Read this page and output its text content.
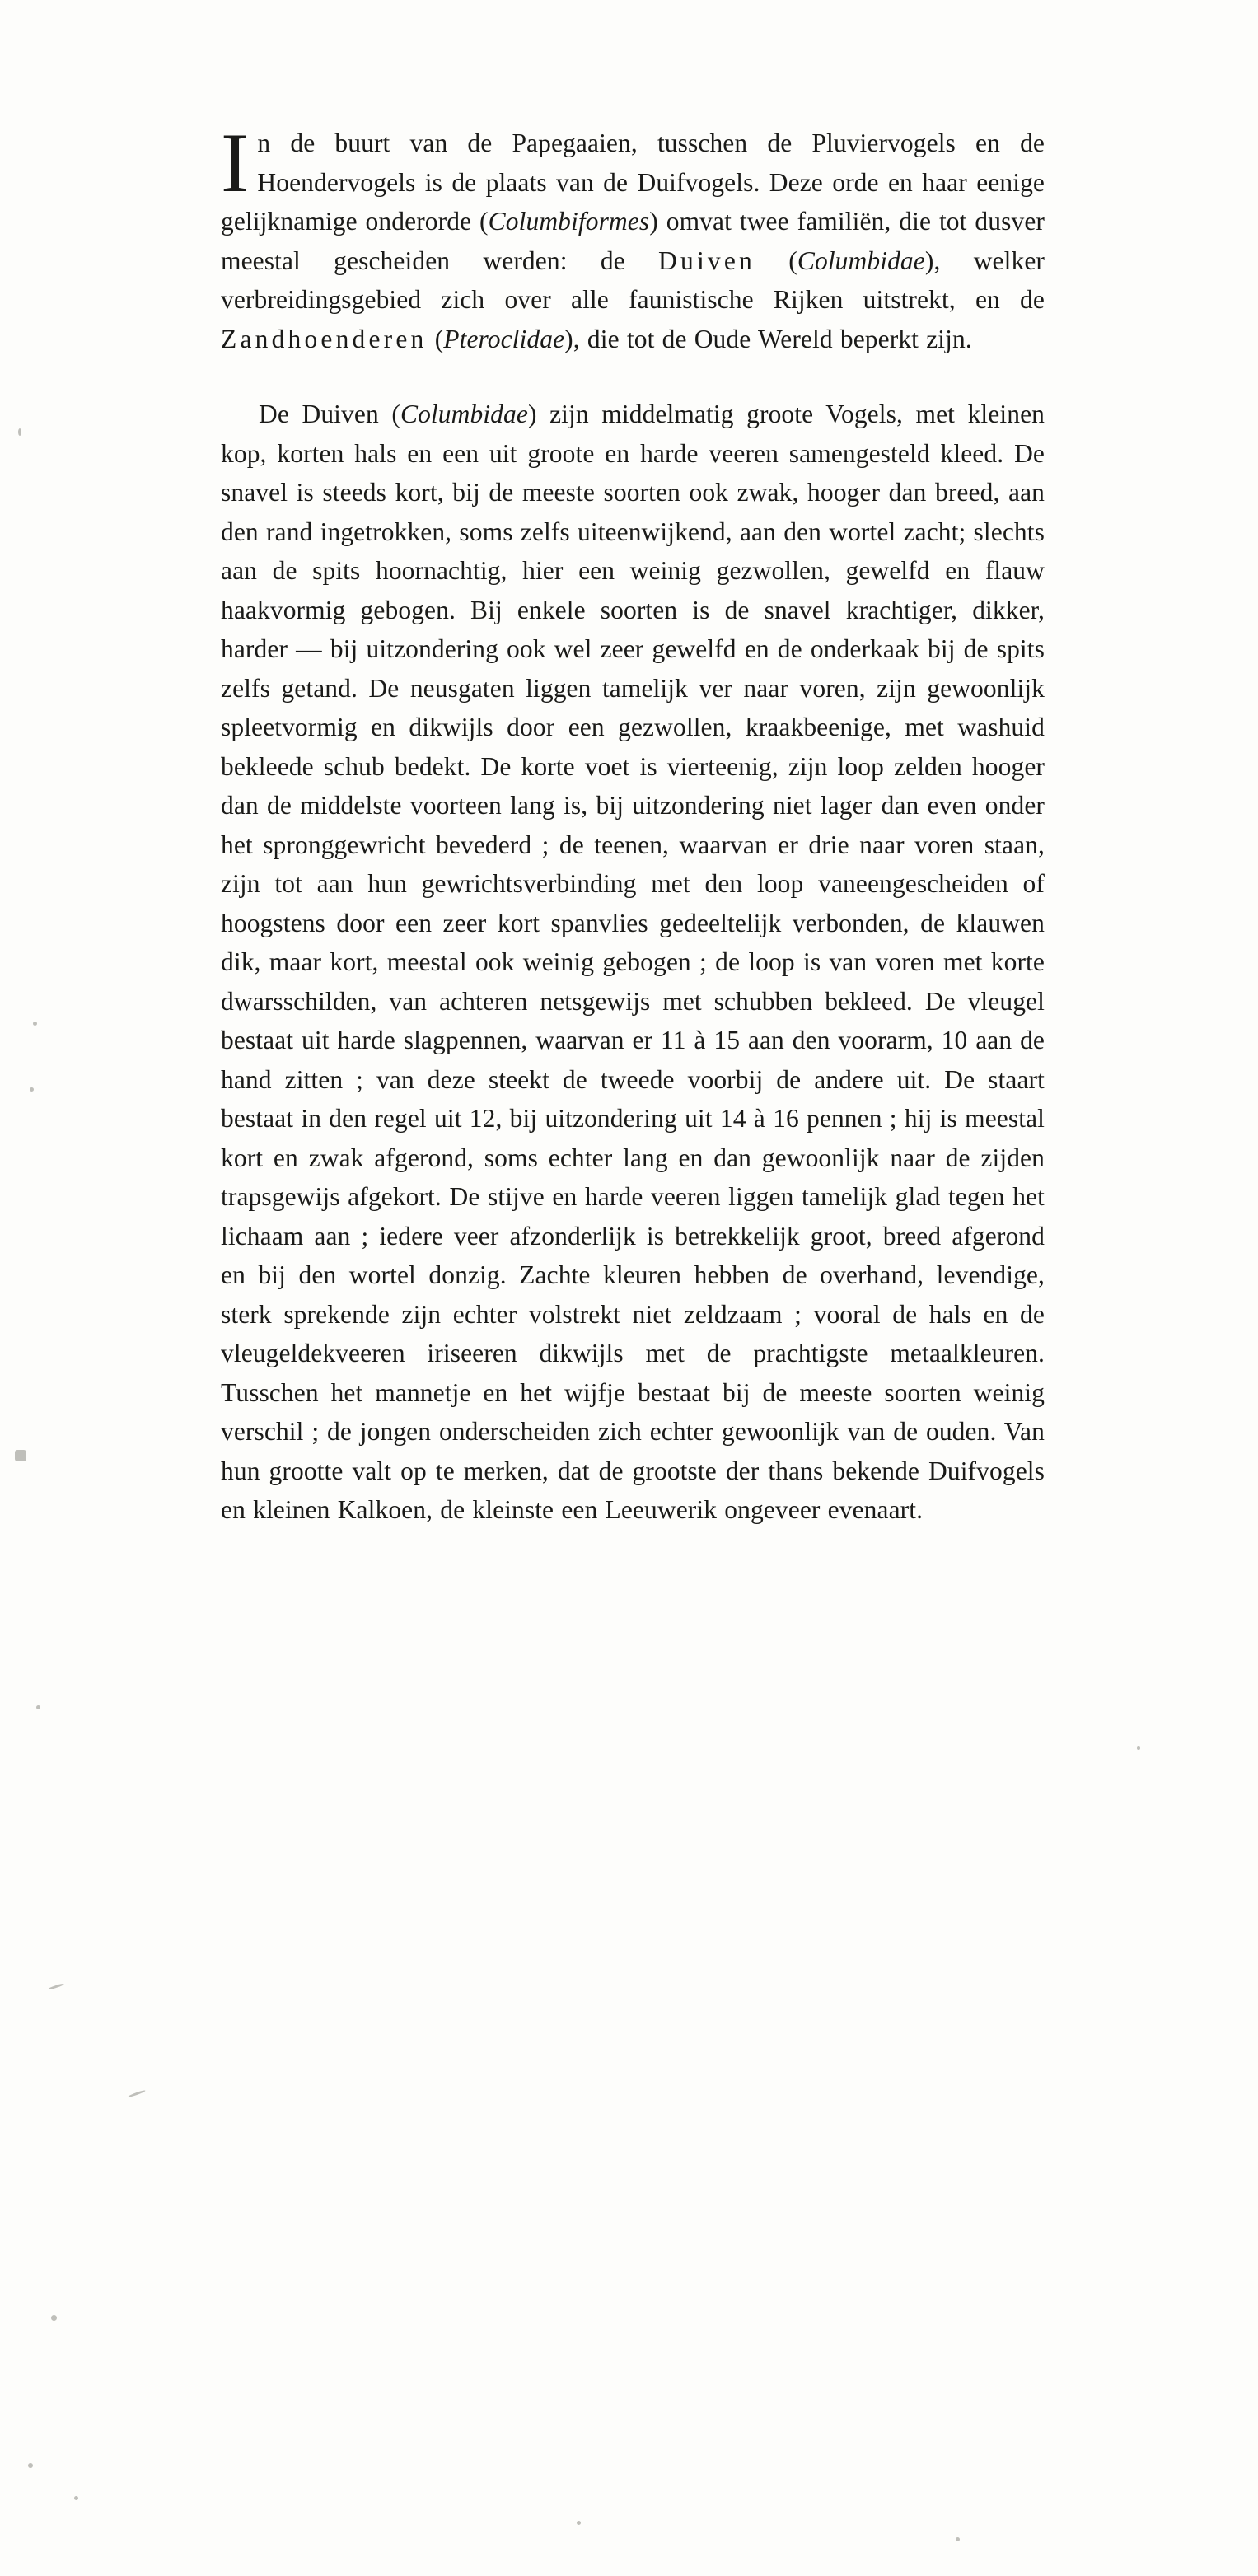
In de buurt van de Papegaaien, tusschen de Pluviervogels en de Hoendervogels is de plaats van de Duifvogels. Deze orde en haar eenige gelijknamige onderorde (Columbiformes) omvat twee familiën, die tot dusver meestal gescheiden werden: de Duiven (Columbidae), welker verbreidingsgebied zich over alle faunistische Rijken uitstrekt, en de Zandhoenderen (Pteroclidae), die tot de Oude Wereld beperkt zijn.

De Duiven (Columbidae) zijn middelmatig groote Vogels, met kleinen kop, korten hals en een uit groote en harde veeren samengesteld kleed. De snavel is steeds kort, bij de meeste soorten ook zwak, hooger dan breed, aan den rand ingetrokken, soms zelfs uiteenwijkend, aan den wortel zacht; slechts aan de spits hoornachtig, hier een weinig gezwollen, gewelfd en flauw haakvormig gebogen. Bij enkele soorten is de snavel krachtiger, dikker, harder — bij uitzondering ook wel zeer gewelfd en de onderkaak bij de spits zelfs getand. De neusgaten liggen tamelijk ver naar voren, zijn gewoonlijk spleetvormig en dikwijls door een gezwollen, kraakbeenige, met washuid bekleede schub bedekt. De korte voet is vierteenig, zijn loop zelden hooger dan de middelste voorteen lang is, bij uitzondering niet lager dan even onder het spronggewricht bevederd ; de teenen, waarvan er drie naar voren staan, zijn tot aan hun gewrichtsverbinding met den loop vaneengescheiden of hoogstens door een zeer kort spanvlies gedeeltelijk verbonden, de klauwen dik, maar kort, meestal ook weinig gebogen ; de loop is van voren met korte dwarsschilden, van achteren netsgewijs met schubben bekleed. De vleugel bestaat uit harde slagpennen, waarvan er 11 à 15 aan den voorarm, 10 aan de hand zitten ; van deze steekt de tweede voorbij de andere uit. De staart bestaat in den regel uit 12, bij uitzondering uit 14 à 16 pennen ; hij is meestal kort en zwak afgerond, soms echter lang en dan gewoonlijk naar de zijden trapsgewijs afgekort. De stijve en harde veeren liggen tamelijk glad tegen het lichaam aan ; iedere veer afzonderlijk is betrekkelijk groot, breed afgerond en bij den wortel donzig. Zachte kleuren hebben de overhand, levendige, sterk sprekende zijn echter volstrekt niet zeldzaam ; vooral de hals en de vleugeldekveeren iriseeren dikwijls met de prachtigste metaalkleuren. Tusschen het mannetje en het wijfje bestaat bij de meeste soorten weinig verschil ; de jongen onderscheiden zich echter gewoonlijk van de ouden. Van hun grootte valt op te merken, dat de grootste der thans bekende Duifvogels en kleinen Kalkoen, de kleinste een Leeuwerik ongeveer evenaart.
